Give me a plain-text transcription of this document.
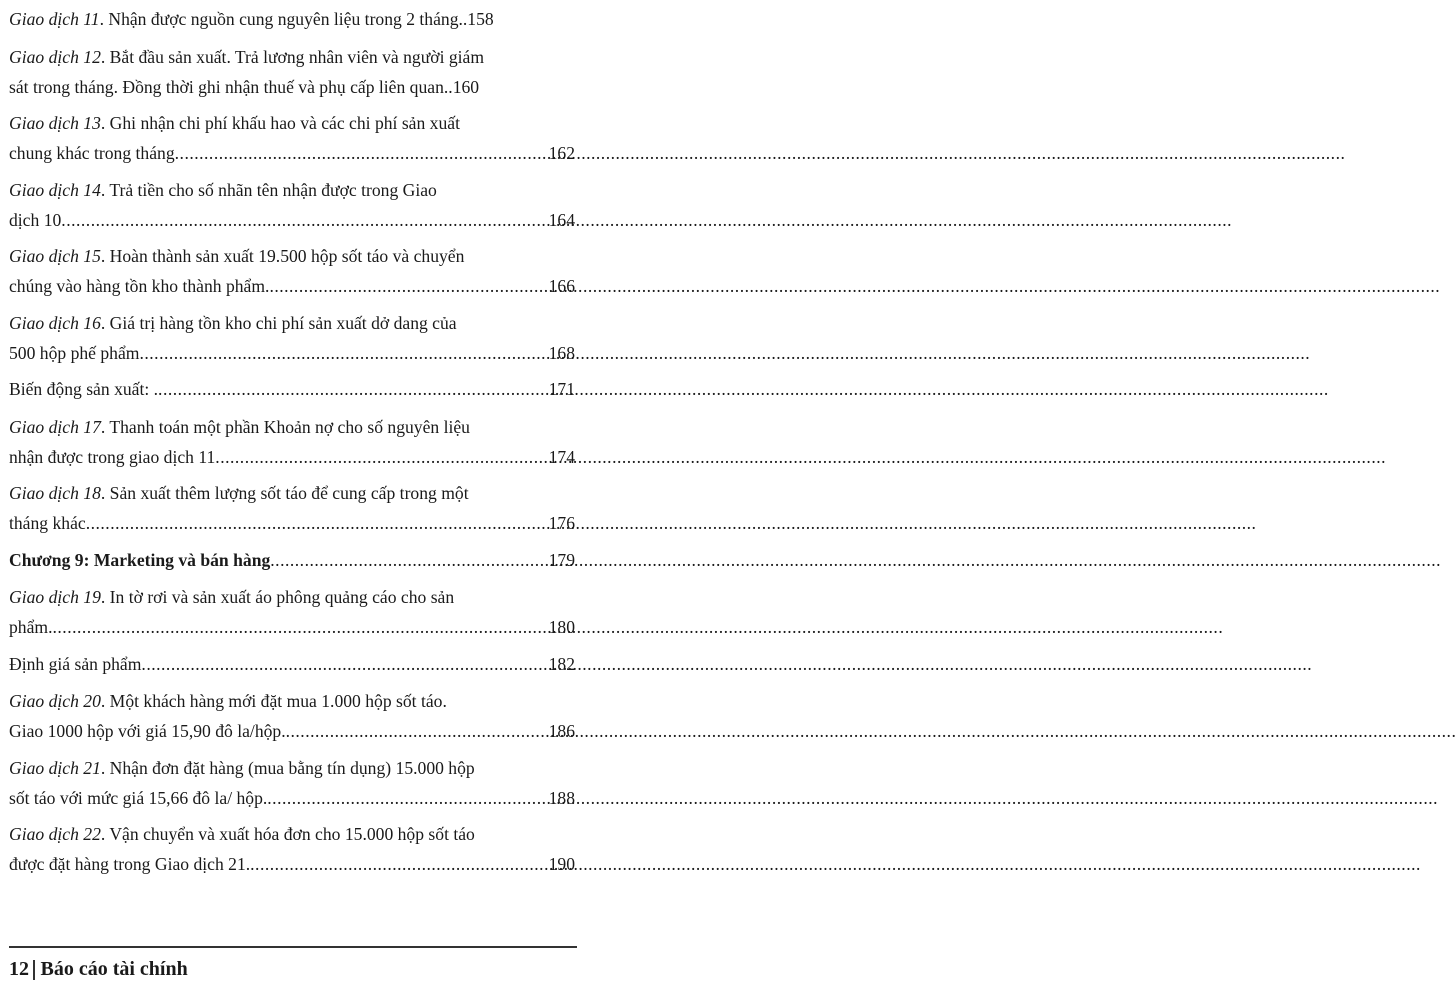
Giao dịch 11. Nhận được nguồn cung nguyên liệu trong 2 tháng.. 158
Giao dịch 12. Bắt đầu sản xuất. Trả lương nhân viên và người giám
sát trong tháng. Đồng thời ghi nhận thuế và phụ cấp liên quan.. 160
Giao dịch 13. Ghi nhận chi phí khấu hao và các chi phí sản xuất
chung khác trong tháng .....	162
Giao dịch 14. Trả tiền cho số nhãn tên nhận được trong Giao
dịch 10 .....	164
Giao dịch 15. Hoàn thành sản xuất 19.500 hộp sốt táo và chuyển
chúng vào hàng tồn kho thành phẩm. .....	166
Giao dịch 16. Giá trị hàng tồn kho chi phí sản xuất dở dang của
500 hộp phế phẩm .....	168
Biến động sản xuất: . .....	171
Giao dịch 17. Thanh toán một phần Khoản nợ cho số nguyên liệu
nhận được trong giao dịch 11 .....	174
Giao dịch 18. Sản xuất thêm lượng sốt táo để cung cấp trong một
tháng khác .....	176
Chương 9: Marketing và bán hàng .....	179
Giao dịch 19. In tờ rơi và sản xuất áo phông quảng cáo cho sản
phẩm. .....	180
Định giá sản phẩm .....	182
Giao dịch 20. Một khách hàng mới đặt mua 1.000 hộp sốt táo.
Giao 1000 hộp với giá 15,90 đô la/hộp. .....	186
Giao dịch 21. Nhận đơn đặt hàng (mua bằng tín dụng) 15.000 hộp
sốt táo với mức giá 15,66 đô la/ hộp. .....	188
Giao dịch 22. Vận chuyển và xuất hóa đơn cho 15.000 hộp sốt táo
được đặt hàng trong Giao dịch 21. .....	190
12 Báo cáo tài chính
